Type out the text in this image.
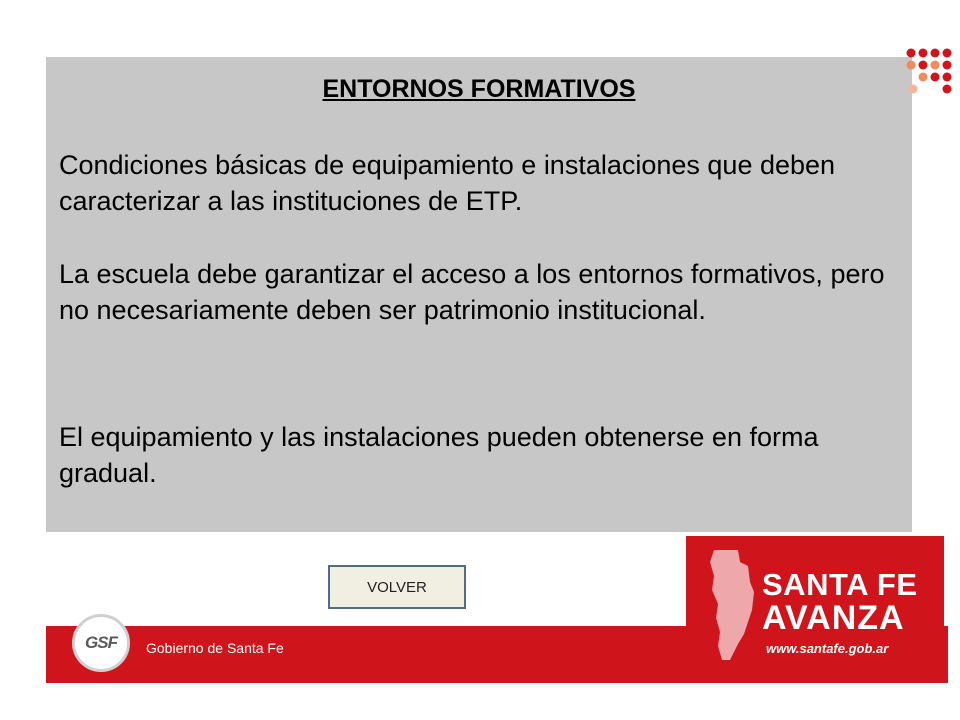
ENTORNOS FORMATIVOS

Condiciones básicas de equipamiento e instalaciones que deben caracterizar a las instituciones de ETP.

La escuela debe garantizar el acceso a los entornos formativos, pero no necesariamente deben ser patrimonio institucional.

El equipamiento y las instalaciones pueden obtenerse en forma gradual.

VOLVER
GSF Gobierno de Santa Fe
SANTA FE
AVANZA
www.santafe.gob.ar
